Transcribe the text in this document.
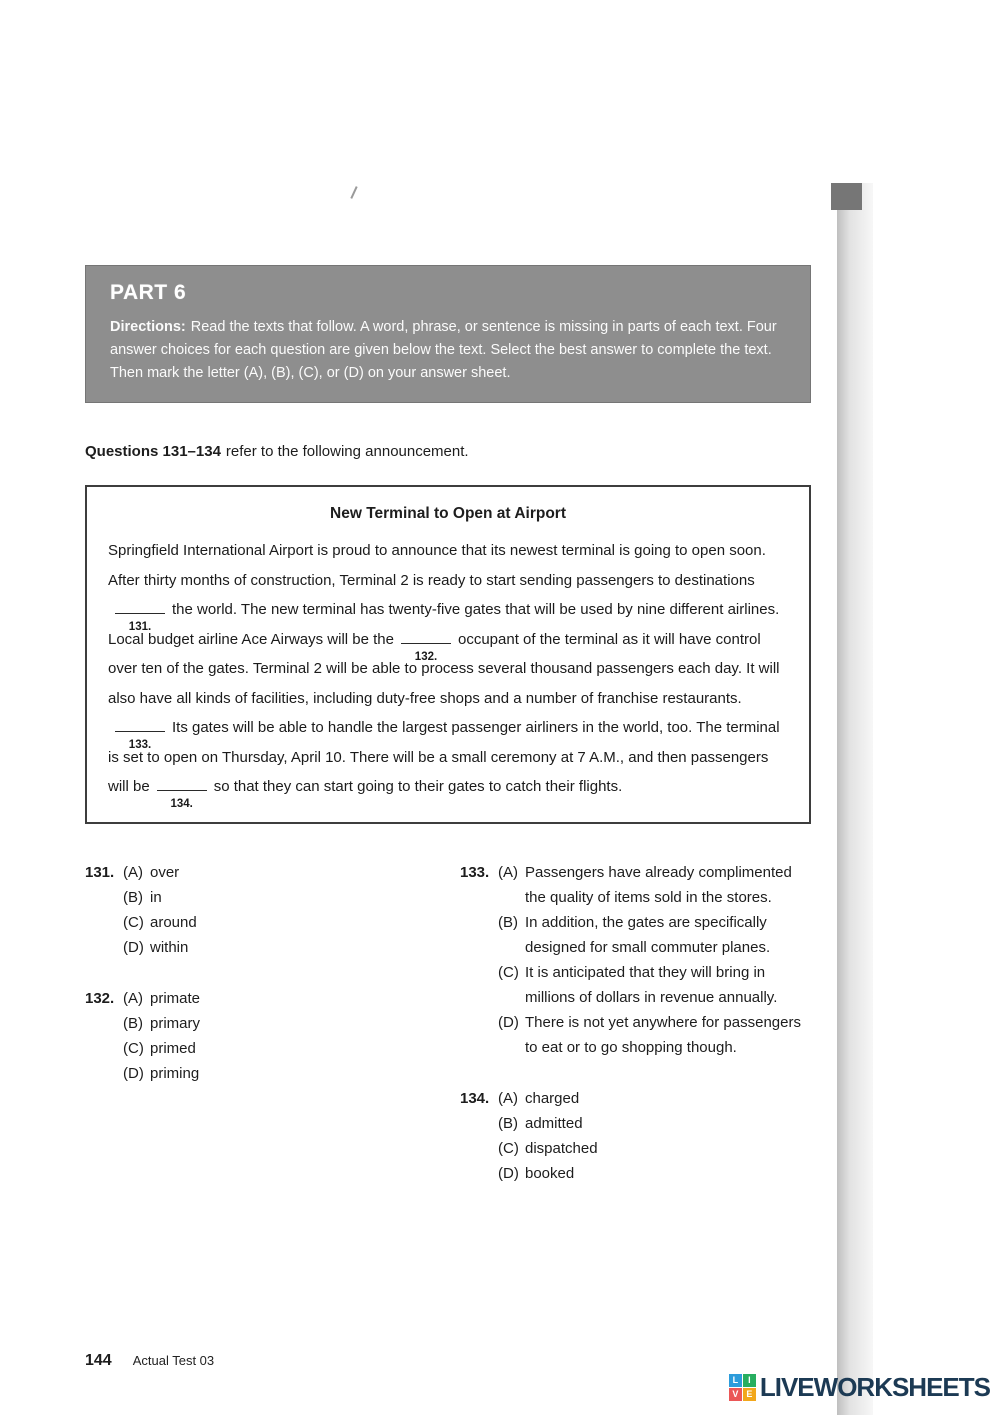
PART 6
Directions: Read the texts that follow. A word, phrase, or sentence is missing in parts of each text. Four answer choices for each question are given below the text. Select the best answer to complete the text. Then mark the letter (A), (B), (C), or (D) on your answer sheet.
Questions 131–134 refer to the following announcement.
New Terminal to Open at Airport
Springfield International Airport is proud to announce that its newest terminal is going to open soon. After thirty months of construction, Terminal 2 is ready to start sending passengers to destinations
131.
the world. The new terminal has twenty-five gates that will be used by nine different airlines. Local budget airline Ace Airways will be the
132.
occupant of the terminal as it will have control over ten of the gates. Terminal 2 will be able to process several thousand passengers each day. It will also have all kinds of facilities, including duty-free shops and a number of franchise restaurants.
133.
Its gates will be able to handle the largest passenger airliners in the world, too. The terminal is set to open on Thursday, April 10. There will be a small ceremony at 7 A.M., and then passengers will be
134.
so that they can start going to their gates to catch their flights.
131. (A) over
(B) in
(C) around
(D) within
132. (A) primate
(B) primary
(C) primed
(D) priming
133. (A) Passengers have already complimented the quality of items sold in the stores.
(B) In addition, the gates are specifically designed for small commuter planes.
(C) It is anticipated that they will bring in millions of dollars in revenue annually.
(D) There is not yet anywhere for passengers to eat or to go shopping though.
134. (A) charged
(B) admitted
(C) dispatched
(D) booked
144 Actual Test 03
L	I
V E LIVEWORKSHEETS
